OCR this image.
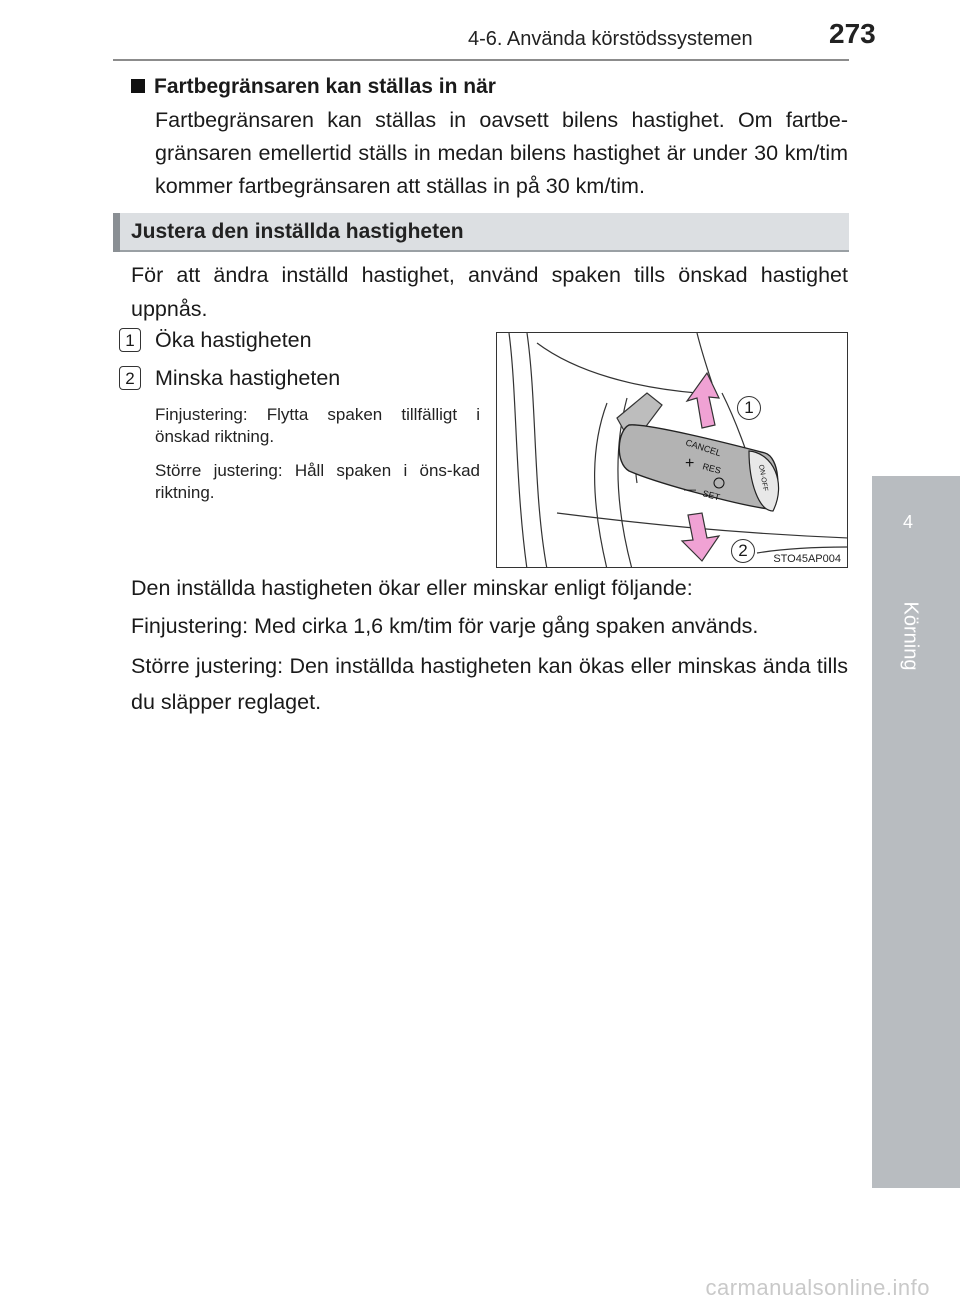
4-6. Använda körstödssystemen	273
4
Körning
Fartbegränsaren kan ställas in när
Fartbegränsaren kan ställas in oavsett bilens hastighet. Om fartbe-gränsaren emellertid ställs in medan bilens hastighet är under 30 km/tim kommer fartbegränsaren att ställas in på 30 km/tim.
Justera den inställda hastigheten
För att ändra inställd hastighet, använd spaken tills önskad hastighet uppnås.
1 Öka hastigheten
2 Minska hastigheten
Finjustering: Flytta spaken tillfälligt i önskad riktning.
Större justering: Håll spaken i öns-kad riktning.
CANCEL
+ RES
— SET
ON·OFF
1
2	STO45AP004
Den inställda hastigheten ökar eller minskar enligt följande:
Finjustering: Med cirka 1,6 km/tim för varje gång spaken används.
Större justering: Den inställda hastigheten kan ökas eller minskas ända tills du släpper reglaget.
carmanualsonline.info
